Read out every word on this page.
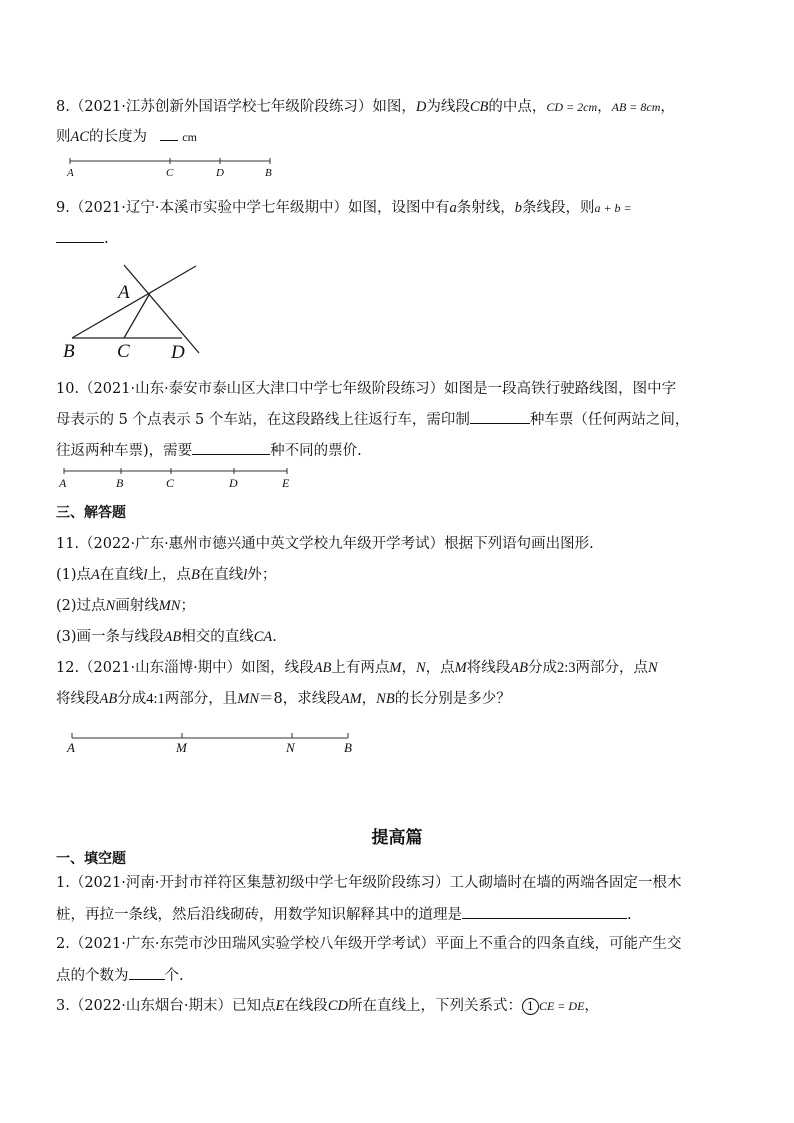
8.（2021·江苏创新外国语学校七年级阶段练习）如图，D为线段CB的中点，CD = 2cm，AB = 8cm，
则AC的长度为	cm
A	C	D	B
A
B C D
A	B	C	D	E
A	M	N	B
9.（2021·辽宁·本溪市实验中学七年级期中）如图，设图中有a条射线，b条线段，则a + b =
.
10.（2021·山东·泰安市泰山区大津口中学七年级阶段练习）如图是一段高铁行驶路线图，图中字
母表示的 5 个点表示 5 个车站，在这段路线上往返行车，需印制	种车票（任何两站之间，
往返两种车票)，需要	种不同的票价.
三、解答题
11.（2022·广东·惠州市德兴通中英文学校九年级开学考试）根据下列语句画出图形.
(1)点A在直线l上，点B在直线l外；
(2)过点N画射线MN；
(3)画一条与线段AB相交的直线CA.
12.（2021·山东淄博·期中）如图，线段AB上有两点M，N，点M将线段AB分成2:3两部分，点N
将线段AB分成4:1两部分，且MN＝8，求线段AM，NB的长分别是多少？
提高篇
一、填空题
1.（2021·河南·开封市祥符区集慧初级中学七年级阶段练习）工人砌墙时在墙的两端各固定一根木
桩，再拉一条线，然后沿线砌砖，用数学知识解释其中的道理是	.
2.（2021·广东·东莞市沙田瑞风实验学校八年级开学考试）平面上不重合的四条直线，可能产生交
点的个数为 个.
3.（2022·山东烟台·期末）已知点E在线段CD所在直线上，下列关系式： 1 CE = DE，
